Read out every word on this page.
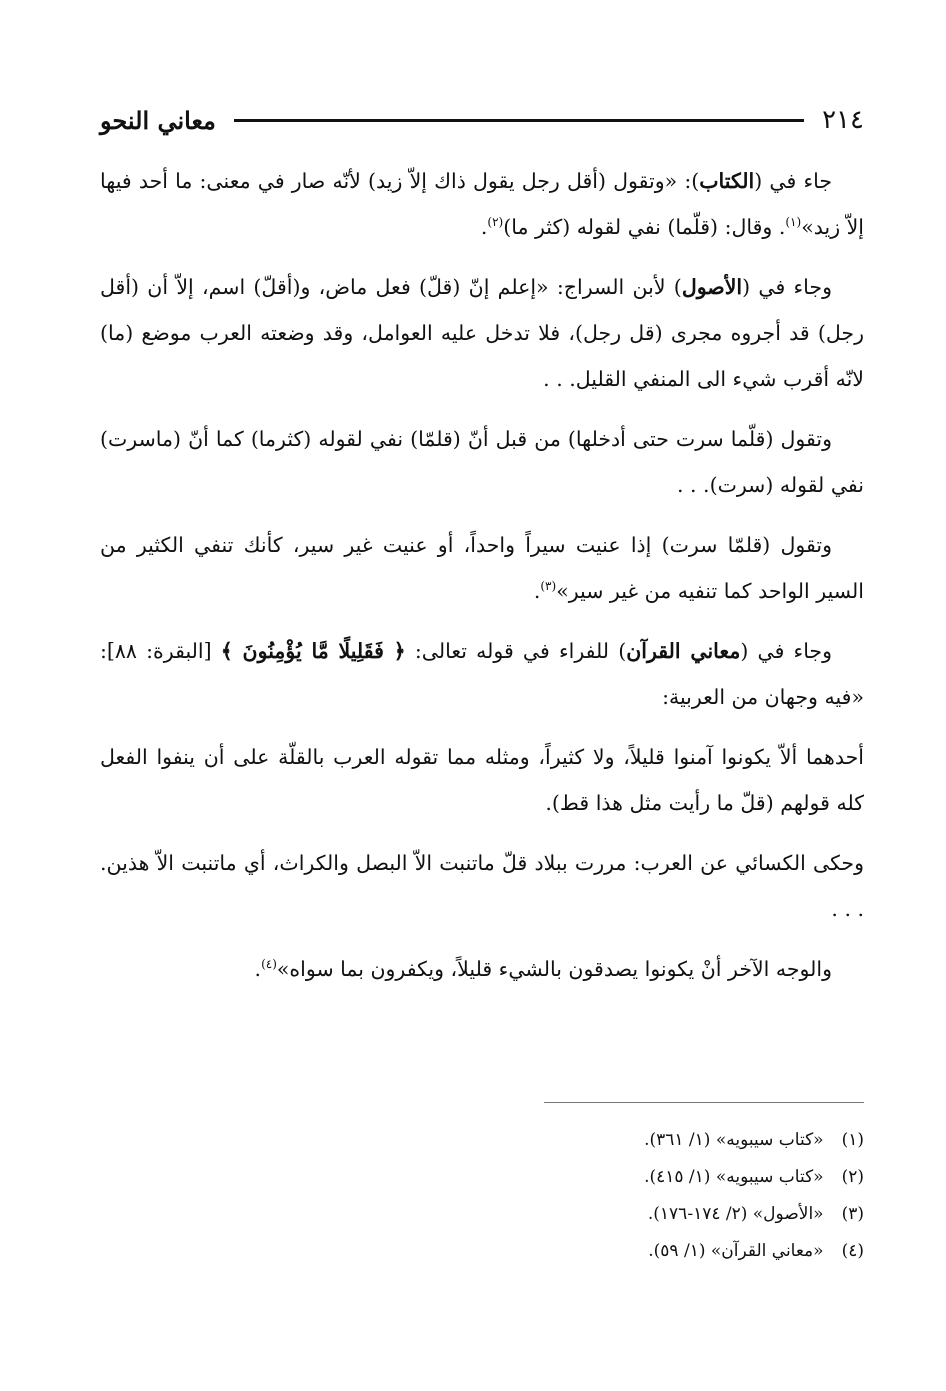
٢١٤
معاني النحو

جاء في (الكتاب): «وتقول (أقل رجل يقول ذاك إلاّ زيد) لأنّه صار في معنى: ما أحد فيها إلاّ زيد»$^{(١)}$. وقال: (قلّما) نفي لقوله (كثر ما)$^{(٢)}$.

وجاء في (الأصول) لأبن السراج: «إعلم إنّ (قلّ) فعل ماض، و(أقلّ) اسم، إلاّ أن (أقل رجل) قد أجروه مجرى (قل رجل)، فلا تدخل عليه العوامل، وقد وضعته العرب موضع (ما) لانّه أقرب شيء الى المنفي القليل. . .

وتقول (قلّما سرت حتى أدخلها) من قبل أنّ (قلمّا) نفي لقوله (كثرما) كما أنّ (ماسرت) نفي لقوله (سرت). . .

وتقول (قلمّا سرت) إذا عنيت سيراً واحداً، أو عنيت غير سير، كأنك تنفي الكثير من السير الواحد كما تنفيه من غير سير»$^{(٣)}$.

وجاء في (معاني القرآن) للفراء في قوله تعالى: ﴿ فَقَلِيلًا مَّا يُؤْمِنُونَ ﴾ [البقرة: ٨٨]: «فيه وجهان من العربية:

أحدهما ألاّ يكونوا آمنوا قليلاً، ولا كثيراً، ومثله مما تقوله العرب بالقلّة على أن ينفوا الفعل كله قولهم (قلّ ما رأيت مثل هذا قط).

وحكى الكسائي عن العرب: مررت ببلاد قلّ ماتنبت الاّ البصل والكراث، أي ماتنبت الاّ هذين. . . .

والوجه الآخر أنْ يكونوا يصدقون بالشيء قليلاً، ويكفرون بما سواه»$^{(٤)}$.

(١)
«كتاب سيبويه» (١/ ٣٦١).
(٢)
«كتاب سيبويه» (١/ ٤١٥).
(٣)
«الأصول» (٢/ ١٧٤-١٧٦).
(٤)
«معاني القرآن» (١/ ٥٩).
